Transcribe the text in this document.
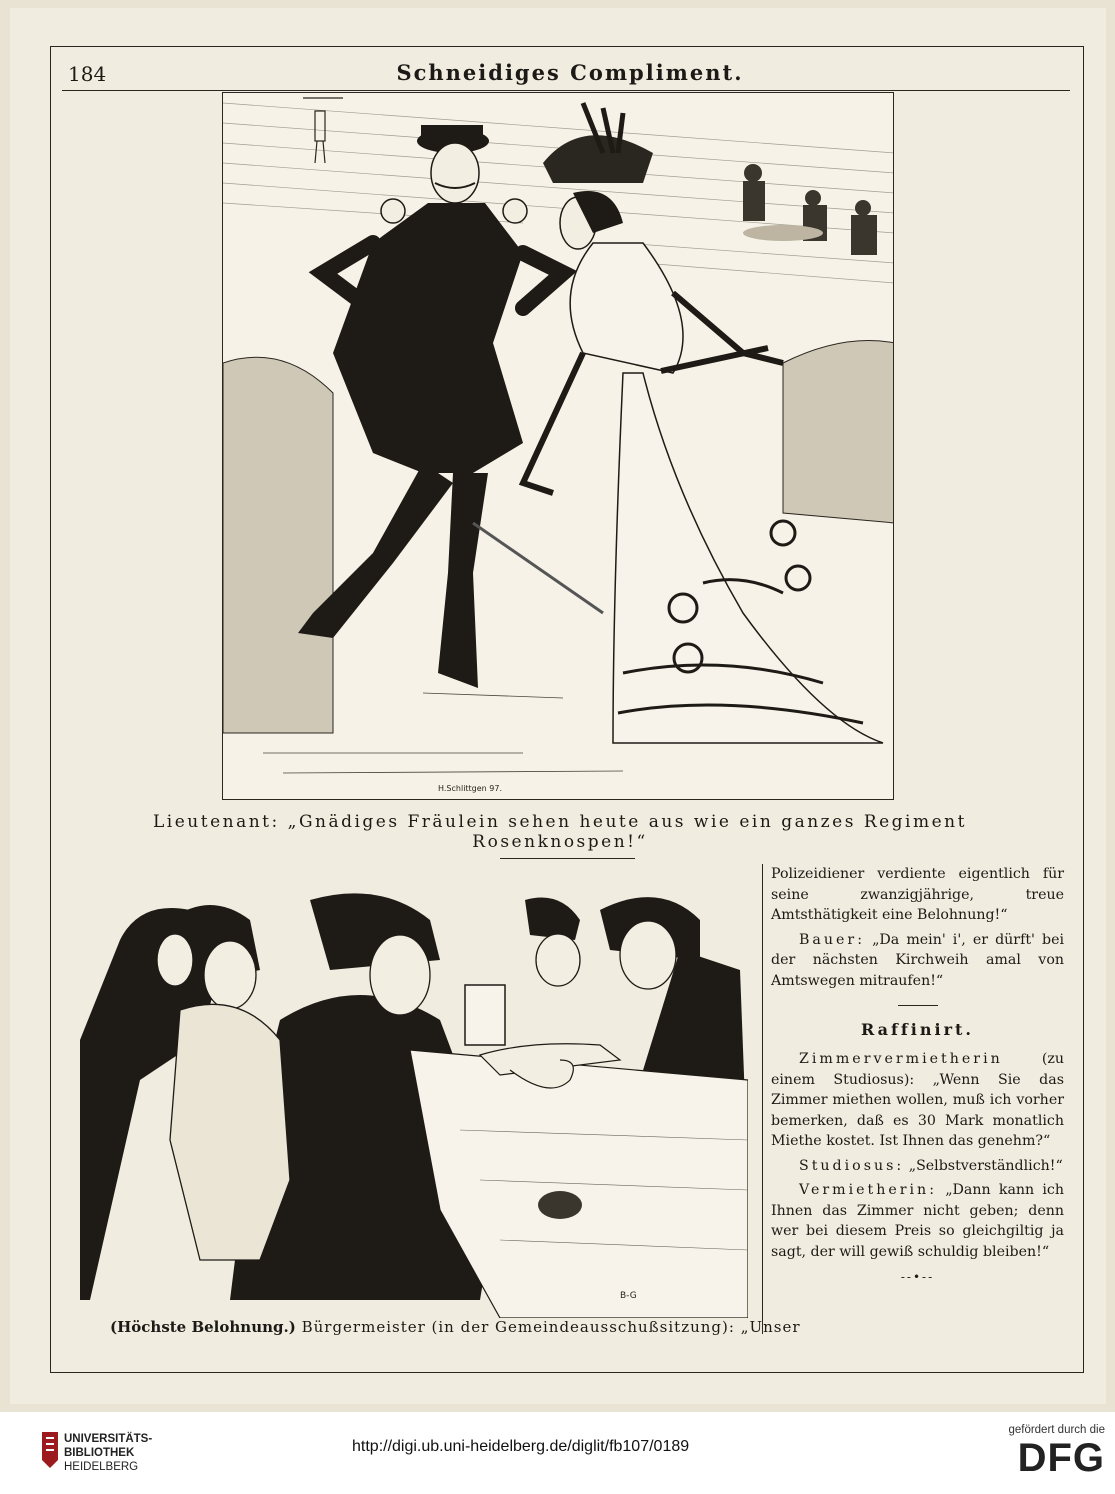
184	Schneidiges Compliment.
H.Schlittgen 97.
Lieutenant: „Gnädiges Fräulein sehen heute aus wie ein ganzes Regiment Rosenknospen!“
B-G
(Höchste Belohnung.) Bürgermeister (in der Gemeindeausschußsitzung): „Unser

Polizeidiener verdiente eigentlich für seine zwanzigjährige, treue Amtsthätigkeit eine Belohnung!“

Bauer: „Da mein' i', er dürft' bei der nächsten Kirchweih amal von Amtswegen mitraufen!“

Raffinirt.

Zimmervermietherin	(zu einem Studiosus): „Wenn Sie das Zimmer miethen wollen, muß ich vorher bemerken, daß es 30 Mark monatlich Miethe kostet. Ist Ihnen das genehm?“

Studiosus: „Selbstverständlich!“

Vermietherin: „Dann kann ich Ihnen das Zimmer nicht geben; denn wer bei diesem Preis so gleichgiltig ja sagt, der will gewiß schuldig bleiben!“

--•--
UNIVERSITÄTS-
BIBLIOTHEK
HEIDELBERG
http://digi.ub.uni-heidelberg.de/diglit/fb107/0189
gefördert durch die
DFG
